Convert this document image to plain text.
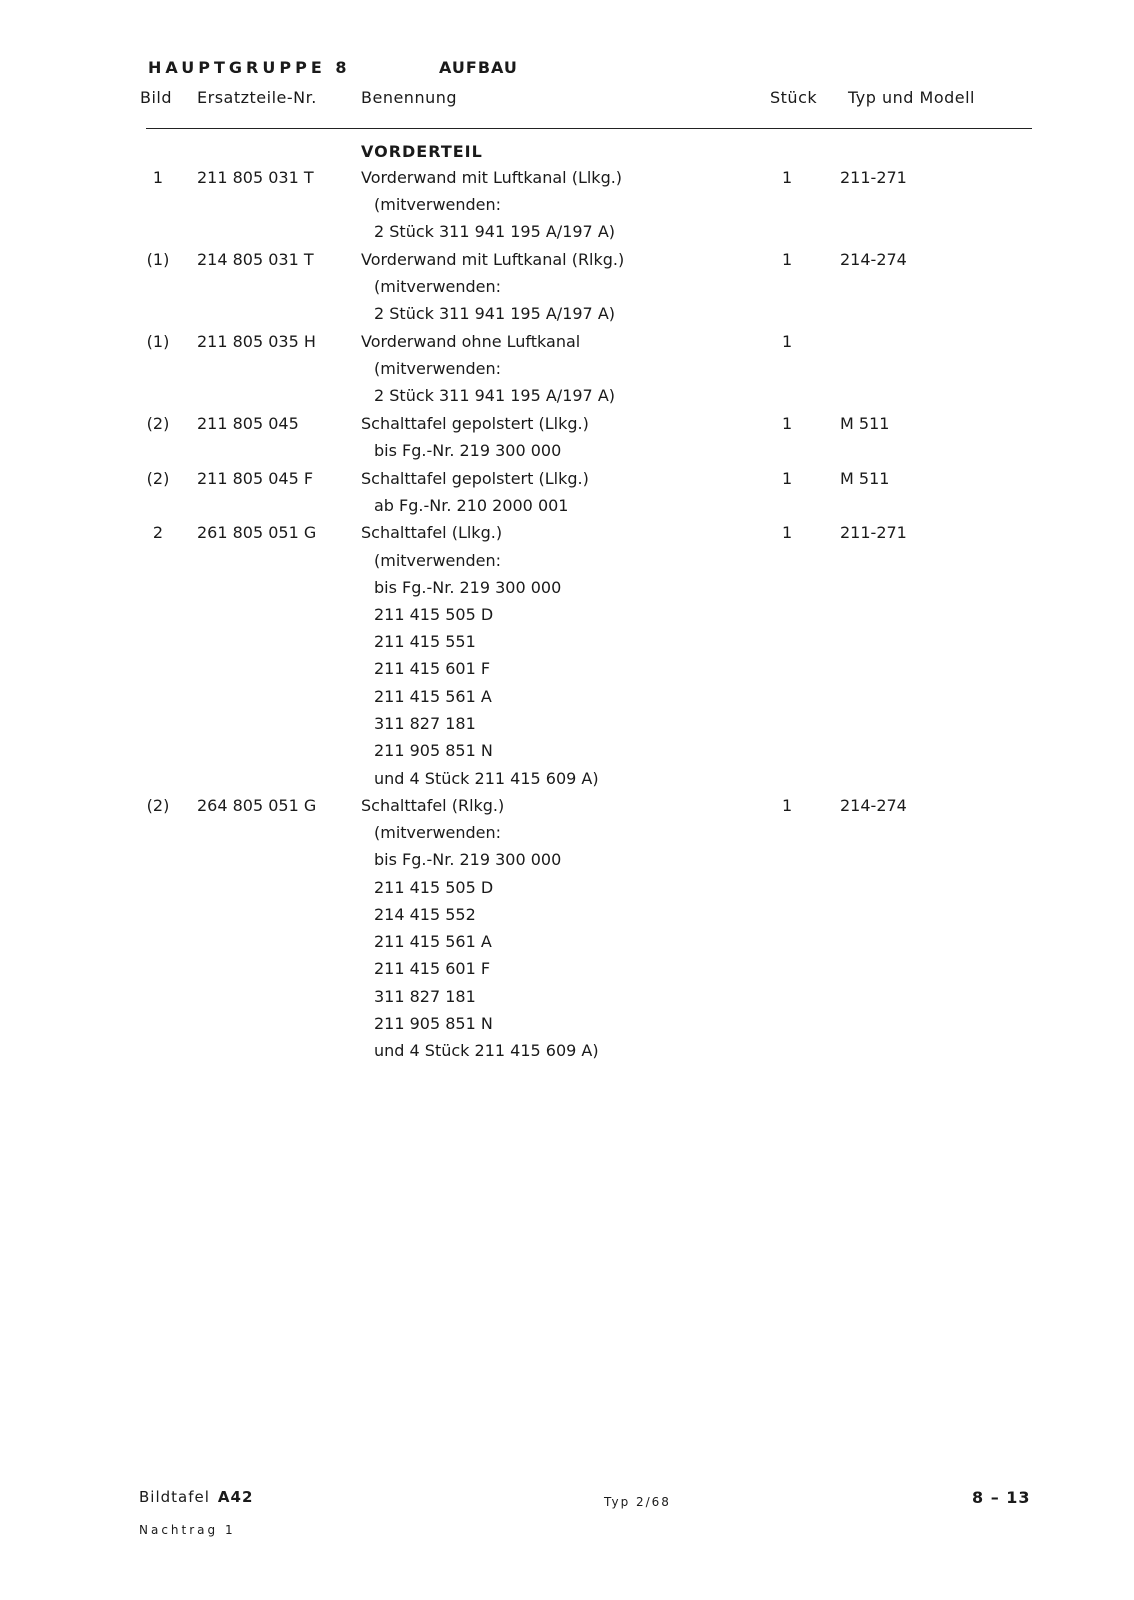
HAUPTGRUPPE 8	AUFBAU
Bild Ersatzteile-Nr.	Benennung	Stück Typ und Modell
VORDERTEIL
1	211 805 031 T	Vorderwand mit Luftkanal (Llkg.)	1	211-271
(mitverwenden:
2 Stück 311 941 195 A/197 A)
(1)	214 805 031 T	Vorderwand mit Luftkanal (Rlkg.)	1	214-274
(mitverwenden:
2 Stück 311 941 195 A/197 A)
(1)	211 805 035 H	Vorderwand ohne Luftkanal	1
(mitverwenden:
2 Stück 311 941 195 A/197 A)
(2)	211 805 045	Schalttafel gepolstert (Llkg.)	1	M 511
bis Fg.-Nr. 219 300 000
(2)	211 805 045 F	Schalttafel gepolstert (Llkg.)	1	M 511
ab Fg.-Nr. 210 2000 001
2	261 805 051 G	Schalttafel (Llkg.)	1	211-271
(mitverwenden:
bis Fg.-Nr. 219 300 000
211 415 505 D
211 415 551
211 415 601 F
211 415 561 A
311 827 181
211 905 851 N
und 4 Stück 211 415 609 A)
(2)	264 805 051 G	Schalttafel (Rlkg.)	1	214-274
(mitverwenden:
bis Fg.-Nr. 219 300 000
211 415 505 D
214 415 552
211 415 561 A
211 415 601 F
311 827 181
211 905 851 N
und 4 Stück 211 415 609 A)
Bildtafel A42
Nachtrag 1
Typ 2/68	8 – 13
